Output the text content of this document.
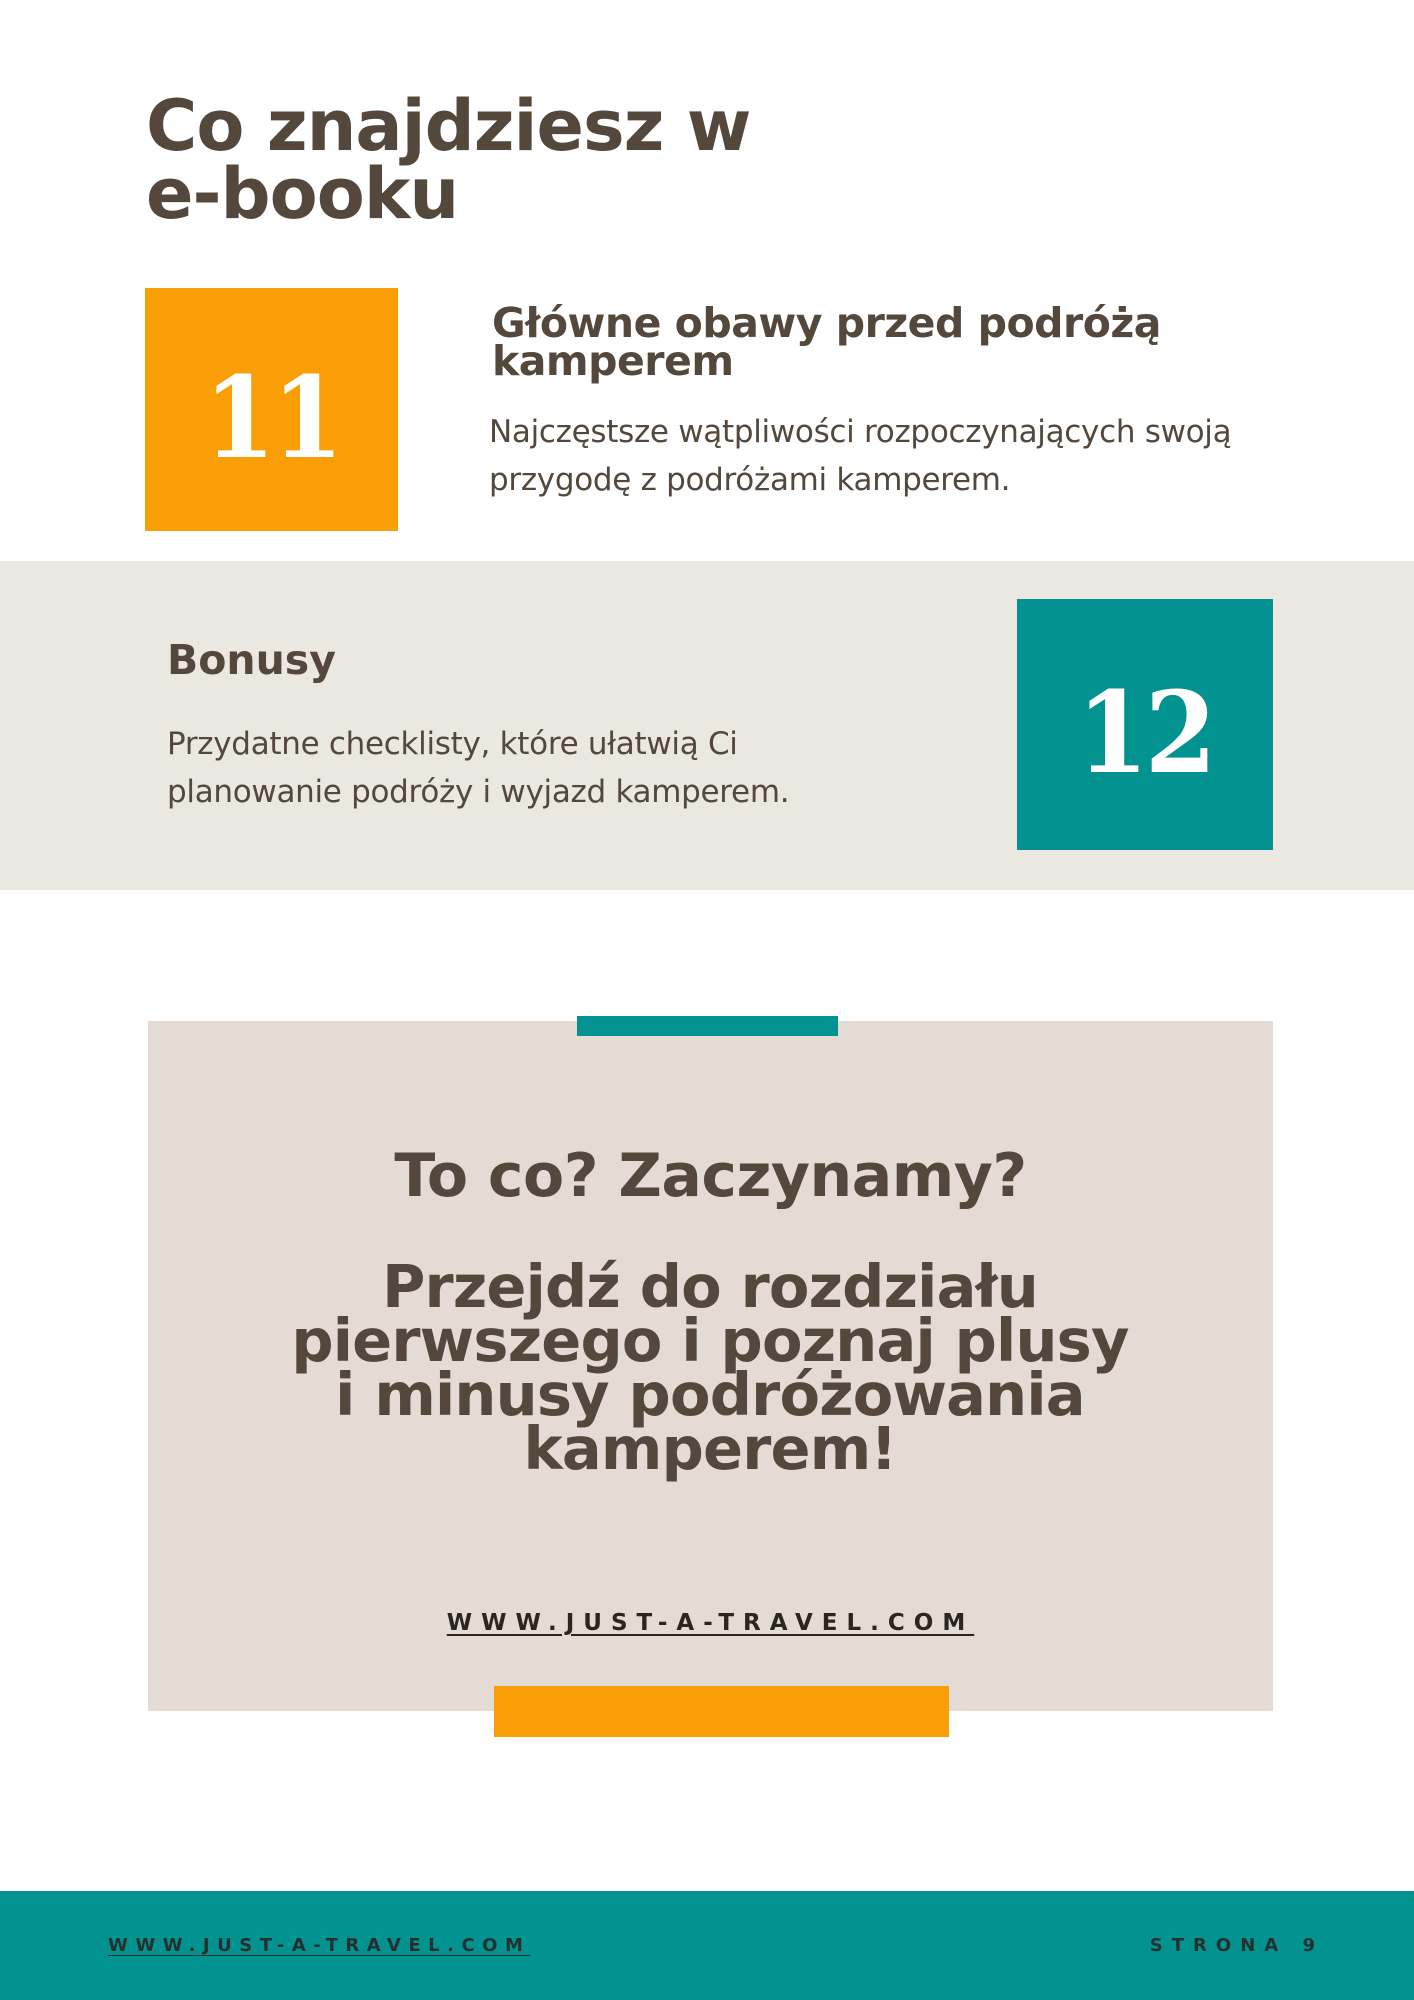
Co znajdziesz w
e-booku
11
Główne obawy przed podróżą
kamperem

Najczęstsze wątpliwości rozpoczynających swoją
przygodę z podróżami kamperem.

Bonusy

Przydatne checklisty, które ułatwią Ci
planowanie podróży i wyjazd kamperem.	12
To co? Zaczynamy?

Przejdź do rozdziału
pierwszego i poznaj plusy
i minusy podróżowania
kamperem!

WWW.JUST-A-TRAVEL.COM
WWW.JUST-A-TRAVEL.COM	STRONA 9
